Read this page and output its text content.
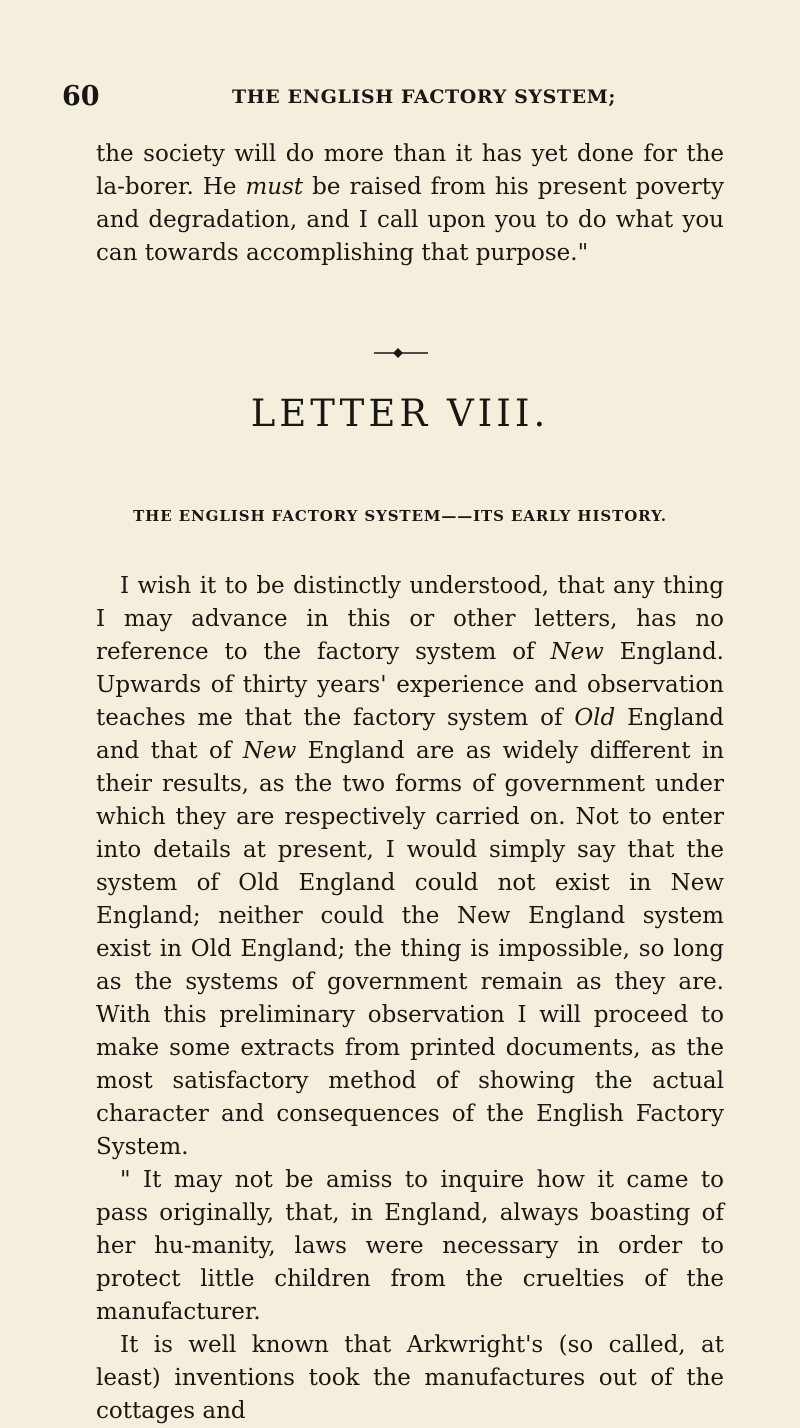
60	THE ENGLISH FACTORY SYSTEM;

the society will do more than it has yet done for the la-borer. He must be raised from his present poverty and degradation, and I call upon you to do what you can towards accomplishing that purpose."

LETTER VIII.
THE ENGLISH FACTORY SYSTEM——ITS EARLY HISTORY.

I wish it to be distinctly understood, that any thing I may advance in this or other letters, has no reference to the factory system of New England. Upwards of thirty years' experience and observation teaches me that the factory system of Old England and that of New England are as widely different in their results, as the two forms of government under which they are respectively carried on. Not to enter into details at present, I would simply say that the system of Old England could not exist in New England; neither could the New England system exist in Old England; the thing is impossible, so long as the systems of government remain as they are. With this preliminary observation I will proceed to make some extracts from printed documents, as the most satisfactory method of showing the actual character and consequences of the English Factory System.

" It may not be amiss to inquire how it came to pass originally, that, in England, always boasting of her hu-manity, laws were necessary in order to protect little children from the cruelties of the manufacturer.

It is well known that Arkwright's (so called, at least) inventions took the manufactures out of the cottages and
